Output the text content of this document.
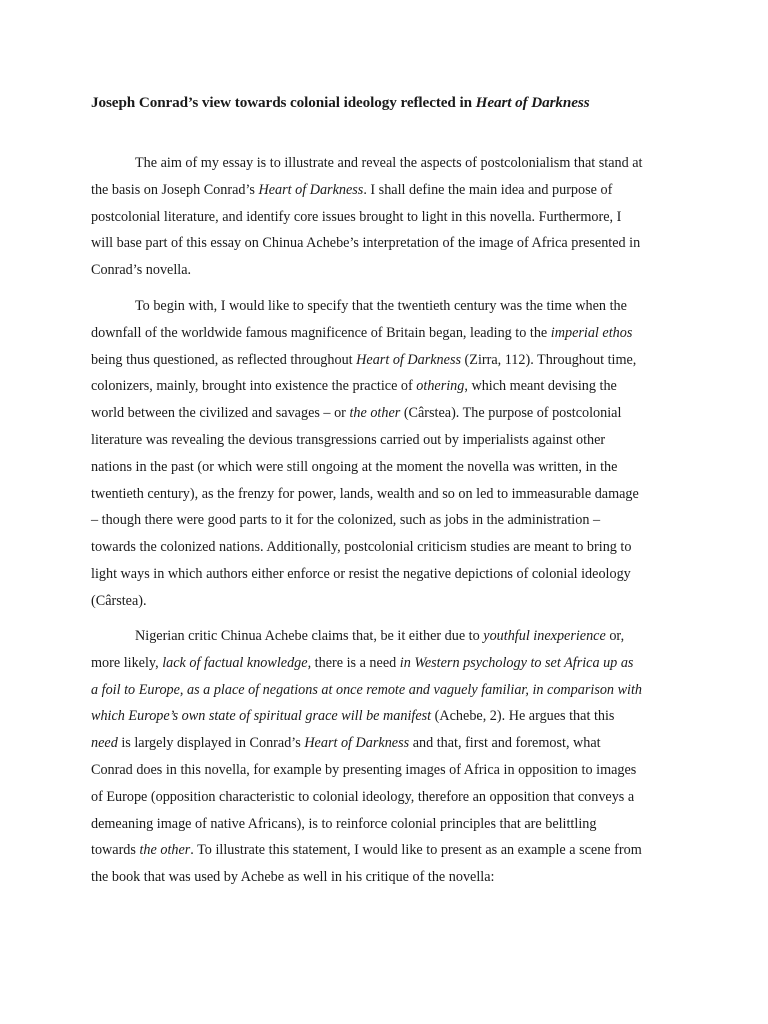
Joseph Conrad’s view towards colonial ideology reflected in Heart of Darkness
The aim of my essay is to illustrate and reveal the aspects of postcolonialism that stand at
the basis on Joseph Conrad’s Heart of Darkness. I shall define the main idea and purpose of
postcolonial literature, and identify core issues brought to light in this novella. Furthermore, I
will base part of this essay on Chinua Achebe’s interpretation of the image of Africa presented in
Conrad’s novella.
To begin with, I would like to specify that the twentieth century was the time when the
downfall of the worldwide famous magnificence of Britain began, leading to the imperial ethos
being thus questioned, as reflected throughout Heart of Darkness (Zirra, 112). Throughout time,
colonizers, mainly, brought into existence the practice of othering, which meant devising the
world between the civilized and savages – or the other (Cârstea). The purpose of postcolonial
literature was revealing the devious transgressions carried out by imperialists against other
nations in the past (or which were still ongoing at the moment the novella was written, in the
twentieth century), as the frenzy for power, lands, wealth and so on led to immeasurable damage
– though there were good parts to it for the colonized, such as jobs in the administration –
towards the colonized nations. Additionally, postcolonial criticism studies are meant to bring to
light ways in which authors either enforce or resist the negative depictions of colonial ideology
(Cârstea).
Nigerian critic Chinua Achebe claims that, be it either due to youthful inexperience or,
more likely, lack of factual knowledge, there is a need in Western psychology to set Africa up as
a foil to Europe, as a place of negations at once remote and vaguely familiar, in comparison with
which Europe’s own state of spiritual grace will be manifest (Achebe, 2). He argues that this
need is largely displayed in Conrad’s Heart of Darkness and that, first and foremost, what
Conrad does in this novella, for example by presenting images of Africa in opposition to images
of Europe (opposition characteristic to colonial ideology, therefore an opposition that conveys a
demeaning image of native Africans), is to reinforce colonial principles that are belittling
towards the other. To illustrate this statement, I would like to present as an example a scene from
the book that was used by Achebe as well in his critique of the novella:
